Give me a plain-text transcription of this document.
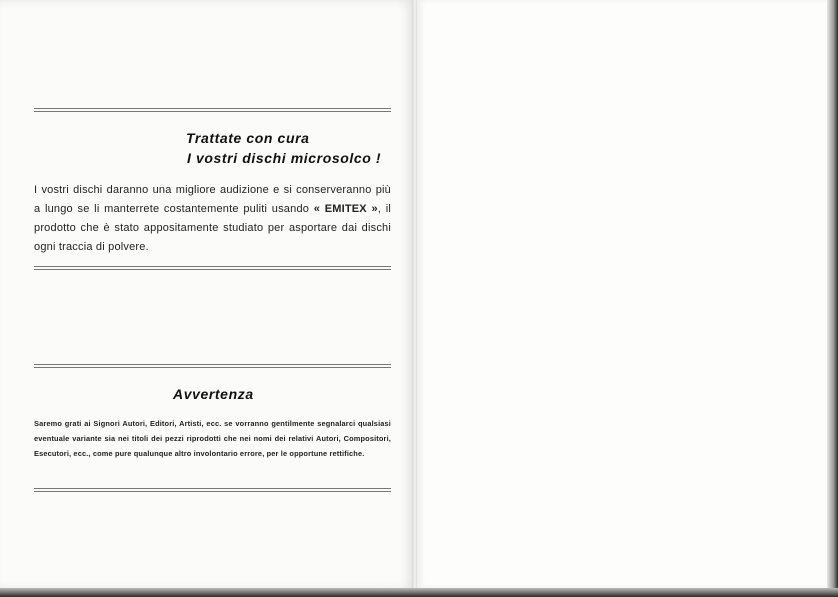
Trattate con cura
I vostri dischi microsolco !
I vostri dischi daranno una migliore audizione e si conserveranno più a lungo se li manterrete costantemente puliti usando « EMITEX », il prodotto che è stato appositamente studiato per asportare dai dischi ogni traccia di polvere.
Avvertenza
Saremo grati ai Signori Autori, Editori, Artisti, ecc. se vorranno gentilmente segnalarci qualsiasi eventuale variante sia nei titoli dei pezzi riprodotti che nei nomi dei relativi Autori, Compositori, Esecutori, ecc., come pure qualunque altro involontario errore, per le opportune rettifiche.
